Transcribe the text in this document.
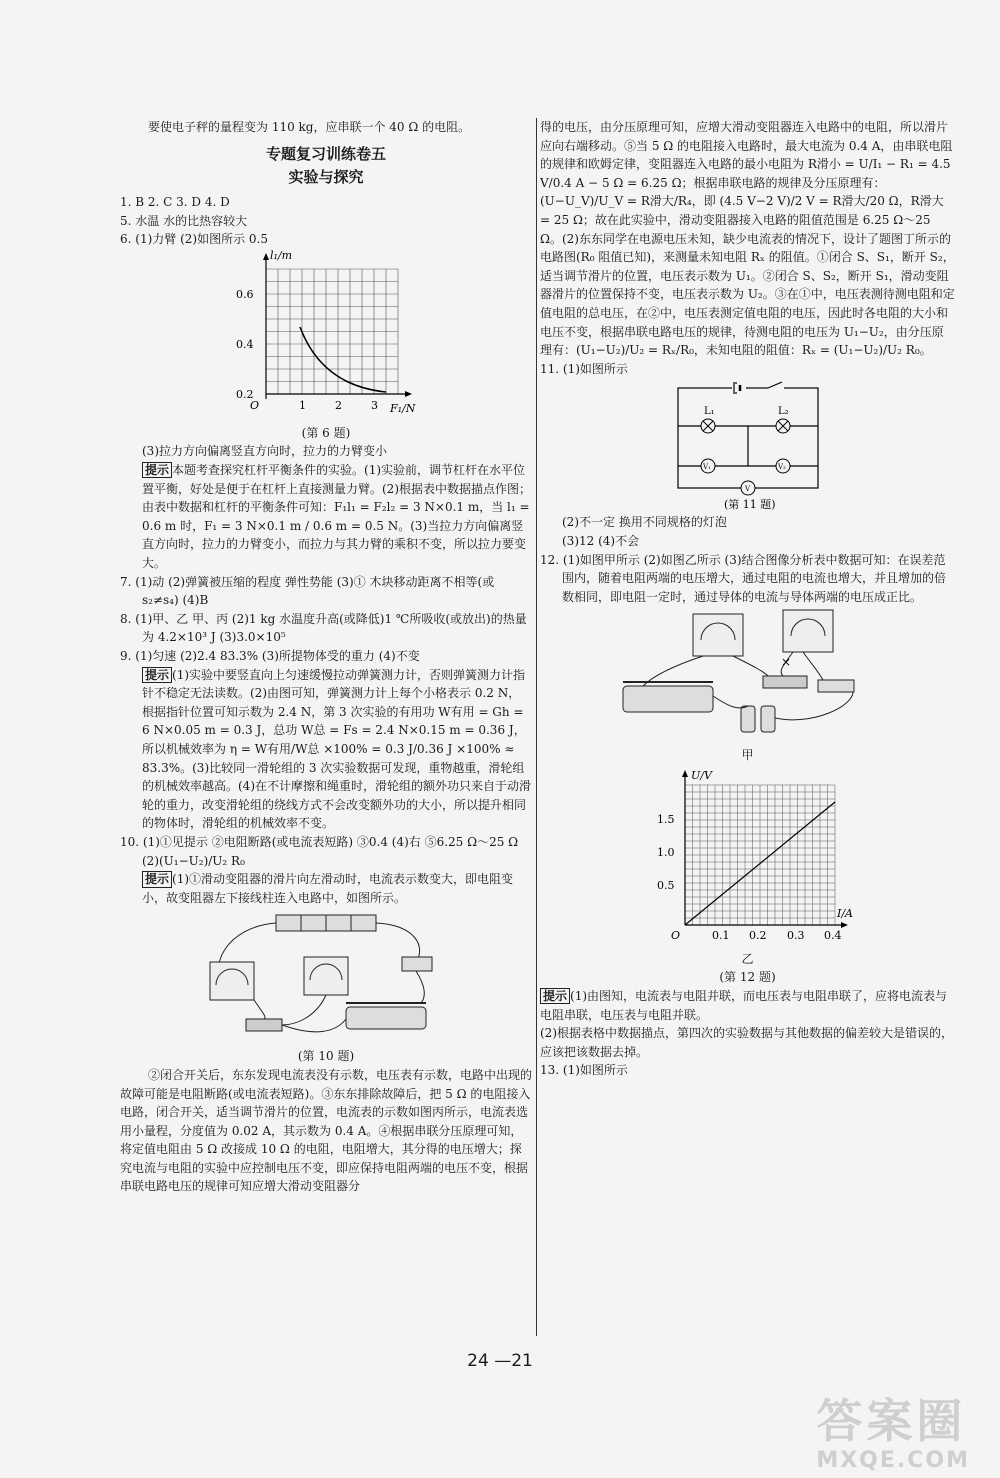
要使电子秤的量程变为 110 kg，应串联一个 40 Ω 的电阻。

专题复习训练卷五

实验与探究

1. B 2. C 3. D 4. D

5. 水温 水的比热容较大

6. (1)力臂 (2)如图所示 0.5

l₁/m
0.6
0.4
0.2
O	1	2	3 F₁/N

(第 6 题)

(3)拉力方向偏离竖直方向时，拉力的力臂变小

提示 本题考查探究杠杆平衡条件的实验。(1)实验前，调节杠杆在水平位置平衡，好处是便于在杠杆上直接测量力臂。(2)根据表中数据描点作图；由表中数据和杠杆的平衡条件可知：F₁l₁ = F₂l₂ = 3 N×0.1 m，当 l₁ = 0.6 m 时，F₁ = 3 N×0.1 m / 0.6 m = 0.5 N。(3)当拉力方向偏离竖直方向时，拉力的力臂变小，而拉力与其力臂的乘积不变，所以拉力要变大。

7. (1)动 (2)弹簧被压缩的程度 弹性势能 (3)① 木块移动距离不相等(或 s₂≠s₄) (4)B

8. (1)甲、乙 甲、丙 (2)1 kg 水温度升高(或降低)1 ℃所吸收(或放出)的热量为 4.2×10³ J (3)3.0×10⁵

9. (1)匀速 (2)2.4 83.3% (3)所提物体受的重力 (4)不变

提示 (1)实验中要竖直向上匀速缓慢拉动弹簧测力计，否则弹簧测力计指针不稳定无法读数。(2)由图可知，弹簧测力计上每个小格表示 0.2 N，根据指针位置可知示数为 2.4 N，第 3 次实验的有用功 W有用 = Gh = 6 N×0.05 m = 0.3 J，总功 W总 = Fs = 2.4 N×0.15 m = 0.36 J，所以机械效率为 η = W有用/W总 ×100% = 0.3 J/0.36 J ×100% ≈ 83.3%。(3)比较同一滑轮组的 3 次实验数据可发现，重物越重，滑轮组的机械效率越高。(4)在不计摩擦和绳重时，滑轮组的额外功只来自于动滑轮的重力，改变滑轮组的绕线方式不会改变额外功的大小，所以提升相同的物体时，滑轮组的机械效率不变。

10. (1)①见提示 ②电阻断路(或电流表短路) ③0.4 (4)右 ⑤6.25 Ω～25 Ω (2)(U₁−U₂)/U₂ R₀

提示 (1)①滑动变阻器的滑片向左滑动时，电流表示数变大，即电阻变小，故变阻器左下接线柱连入电路中，如图所示。

(第 10 题)

②闭合开关后，东东发现电流表没有示数，电压表有示数，电路中出现的故障可能是电阻断路(或电流表短路)。③东东排除故障后，把 5 Ω 的电阻接入电路，闭合开关，适当调节滑片的位置，电流表的示数如图丙所示，电流表选用小量程，分度值为 0.02 A，其示数为 0.4 A。④根据串联分压原理可知，将定值电阻由 5 Ω 改接成 10 Ω 的电阻，电阻增大，其分得的电压增大；探究电流与电阻的实验中应控制电压不变，即应保持电阻两端的电压不变，根据串联电路电压的规律可知应增大滑动变阻器分

得的电压，由分压原理可知，应增大滑动变阻器连入电路中的电阻，所以滑片应向右端移动。⑤当 5 Ω 的电阻接入电路时，最大电流为 0.4 A，由串联电阻的规律和欧姆定律，变阻器连入电路的最小电阻为 R滑小 = U/I₁ − R₁ = 4.5 V/0.4 A − 5 Ω = 6.25 Ω；根据串联电路的规律及分压原理有：(U−U_V)/U_V = R滑大/R₄，即 (4.5 V−2 V)/2 V = R滑大/20 Ω，R滑大 = 25 Ω；故在此实验中，滑动变阻器接入电路的阻值范围是 6.25 Ω～25 Ω。(2)东东同学在电源电压未知，缺少电流表的情况下，设计了题图丁所示的电路图(R₀ 阻值已知)，来测量未知电阻 Rₓ 的阻值。①闭合 S、S₁，断开 S₂，适当调节滑片的位置，电压表示数为 U₁。②闭合 S、S₂，断开 S₁，滑动变阻器滑片的位置保持不变，电压表示数为 U₂。③在①中，电压表测待测电阻和定值电阻的总电压，在②中，电压表测定值电阻的电压，因此时各电阻的大小和电压不变，根据串联电路电压的规律，待测电阻的电压为 U₁−U₂，由分压原理有：(U₁−U₂)/U₂ = Rₓ/R₀，未知电阻的阻值：Rₓ = (U₁−U₂)/U₂ R₀。

11. (1)如图所示

L₁	L₂
V₁	V₂
V
(第 11 题)

(2)不一定 换用不同规格的灯泡

(3)12 (4)不会

12. (1)如图甲所示 (2)如图乙所示 (3)结合图像分析表中数据可知：在误差范围内，随着电阻两端的电压增大，通过电阻的电流也增大，并且增加的倍数相同，即电阻一定时，通过导体的电流与导体两端的电压成正比。

×

甲

U/V
1.5
1.0
0.5
O	0.1 0.2 0.3 0.4
I/A

乙

(第 12 题)

提示 (1)由图知，电流表与电阻并联，而电压表与电阻串联了，应将电流表与电阻串联，电压表与电阻并联。

(2)根据表格中数据描点，第四次的实验数据与其他数据的偏差较大是错误的，应该把该数据去掉。

13. (1)如图所示

24 —21
答案圈
MXQE.COM
